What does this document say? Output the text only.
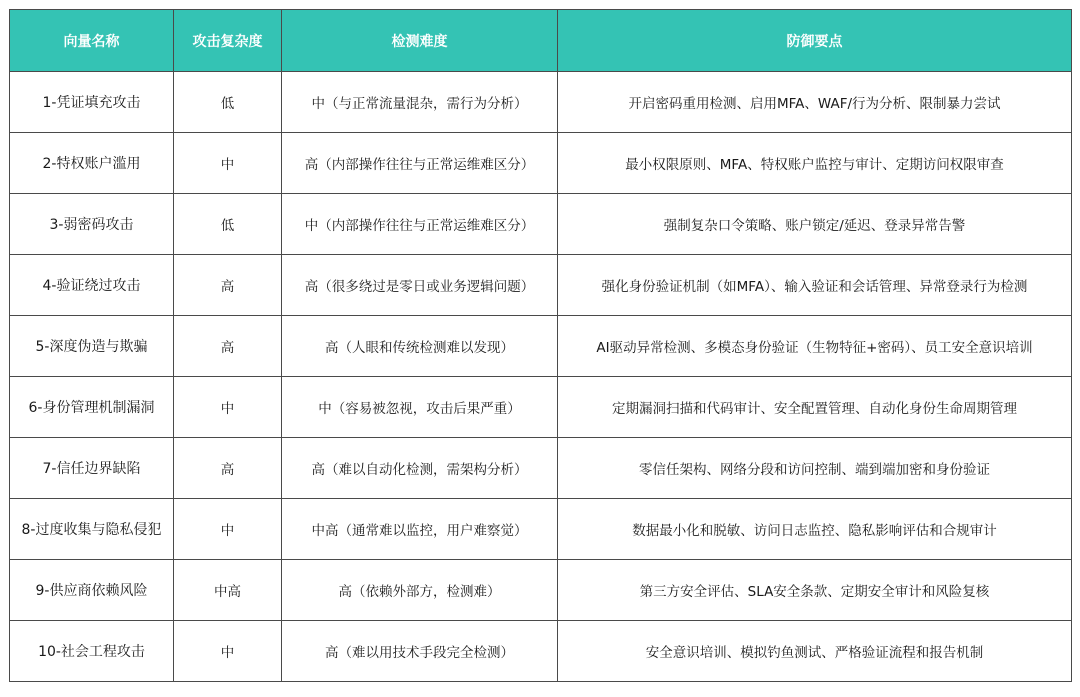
向量名称	攻击复杂度	检测难度	防御要点
1-凭证填充攻击	低	中（与正常流量混杂，需行为分析）	开启密码重用检测、启用MFA、WAF/行为分析、限制暴力尝试
2-特权账户滥用	中	高（内部操作往往与正常运维难区分）	最小权限原则、MFA、特权账户监控与审计、定期访问权限审查
3-弱密码攻击	低	中（内部操作往往与正常运维难区分）	强制复杂口令策略、账户锁定/延迟、登录异常告警
4-验证绕过攻击	高	高（很多绕过是零日或业务逻辑问题）	强化身份验证机制（如MFA）、输入验证和会话管理、异常登录行为检测
5-深度伪造与欺骗	高	高（人眼和传统检测难以发现）	AI驱动异常检测、多模态身份验证（生物特征+密码）、员工安全意识培训
6-身份管理机制漏洞	中	中（容易被忽视，攻击后果严重）	定期漏洞扫描和代码审计、安全配置管理、自动化身份生命周期管理
7-信任边界缺陷	高	高（难以自动化检测，需架构分析）	零信任架构、网络分段和访问控制、端到端加密和身份验证
8-过度收集与隐私侵犯	中	中高（通常难以监控，用户难察觉）	数据最小化和脱敏、访问日志监控、隐私影响评估和合规审计
9-供应商依赖风险	中高	高（依赖外部方，检测难）	第三方安全评估、SLA安全条款、定期安全审计和风险复核
10-社会工程攻击	中	高（难以用技术手段完全检测）	安全意识培训、模拟钓鱼测试、严格验证流程和报告机制
